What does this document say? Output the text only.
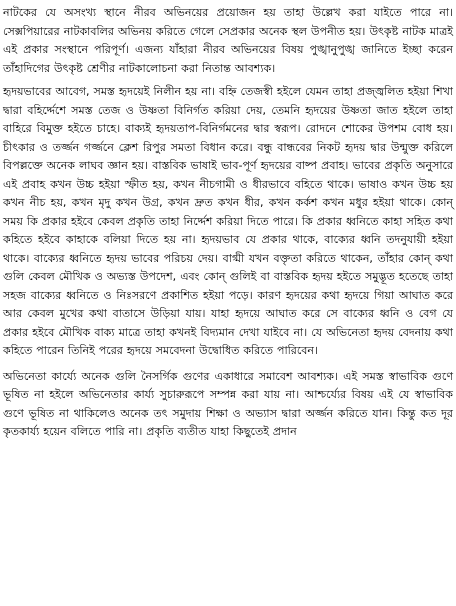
নাটকের যে অসংখ্য স্থানে নীরব অভিনয়ের প্রয়োজন হয় তাহা উল্লেখ করা যাইতে পারে না। সেক্সপিয়ারের নাটকাবলির অভিনয় করিতে গেলে সেপ্রকার অনেক স্থল উপনীত হয়। উৎকৃষ্ট নাটক মাত্রই এই প্রকার সংস্থানে পরিপূর্ণ। এজন্য যাঁহারা নীরব অভিনয়ের বিষয় পুঙ্খানুপুঙ্খ জানিতে ইচ্ছা করেন তাঁহাদিগের উৎকৃষ্ট শ্রেণীর নাটকালোচনা করা নিতান্ত আবশ্যক।

হৃদয়ভাবের আবেগ, সমস্ত হৃদয়েই নিলীন হয় না। বহ্নি তেজস্বী হইলে যেমন তাহা প্রজ্জ্বলিত হইয়া শিখা দ্বারা বহির্দ্দেশে সমস্ত তেজ ও উষ্ণতা বিনির্গত করিয়া দেয়, তেমনি হৃদয়ের উষ্ণতা জাত হইলে তাহা বাহিরে বিমুক্ত হইতে চাহে। বাক্যই হৃদয়তাপ-বিনির্গমনের দ্বার স্বরূপ। রোদনে শোকের উপশম বোধ হয়। চীৎকার ও তর্জ্জন গর্জ্জনে ক্লেশ রিপুর সমতা বিধান করে। বন্ধু বান্ধবের নিকট হৃদয় দ্বার উন্মুক্ত করিলে বিপল্লক্তে অনেক লাঘব জ্ঞান হয়। বাস্তবিক ভাষাই ভাব-পূর্ণ হৃদয়ের বাষ্প প্রবাহ। ভাবের প্রকৃতি অনুসারে এই প্রবাহ কখন উচ্চ হইয়া স্ফীত হয়, কখন নীচগামী ও ধীরভাবে বহিতে থাকে। ভাষাও কখন উচ্চ হয় কখন নীচ হয়, কখন মৃদু কখন উগ্র, কখন দ্রুত কখন ধীর, কখন কর্কশ কখন মধুর হইয়া থাকে। কোন্ সময় কি প্রকার হইবে কেবল প্রকৃতি তাহা নির্দ্দেশ করিয়া দিতে পারে। কি প্রকার ধ্বনিতে কাহা সহিত কথা কহিতে হইবে কাহাকে বলিয়া দিতে হয় না। হৃদয়ভাব যে প্রকার থাকে, বাক্যের ধ্বনি তদনুযায়ী হইয়া থাকে। বাক্যের ধ্বনিতে হৃদয় ভাবের পরিচয় দেয়। বাগ্মী যখন বক্তৃতা করিতে থাকেন, তাঁহার কোন্ কথা গুলি কেবল মৌখিক ও অভ্যস্ত উপদেশ, এবং কোন্ গুলিই বা বাস্তবিক হৃদয় হইতে সমুদ্ভূত হতেছে তাহা সহজ বাক্যের ধ্বনিতে ও নিঃসরণে প্রকাশিত হইয়া পড়ে। কারণ হৃদয়ের কথা হৃদয়ে গিয়া আঘাত করে আর কেবল মুখের কথা বাতাসে উড়িয়া যায়। যাহা হৃদয়ে আঘাত করে সে বাক্যের ধ্বনি ও বেগ যে প্রকার হইবে মৌখিক বাক্য মাত্রে তাহা কখনই বিদ্যমান দেখা যাইবে না। যে অভিনেতা হৃদয় বেদনায় কথা কহিতে পারেন তিনিই পরের হৃদয়ে সমবেদনা উদ্বোধিত করিতে পারিবেন।

অভিনেতা কার্য্যে অনেক গুলি নৈসর্গিক গুণের একাধারে সমাবেশ আবশ্যক। এই সমস্ত স্বাভাবিক গুণে ভূষিত না হইলে অভিনেতার কার্য্য সুচারুরূপে সম্পন্ন করা যায় না। আশ্চর্য্যের বিষয় এই যে স্বাভাবিক গুণে ভূষিত না থাকিলেও অনেক তৎ সমুদায় শিক্ষা ও অভ্যাস দ্বারা অর্জ্জন করিতে যান। কিন্তু কত দূর কৃতকার্য্য হয়েন বলিতে পারি না। প্রকৃতি ব্যতীত যাহা কিছুতেই প্রদান
